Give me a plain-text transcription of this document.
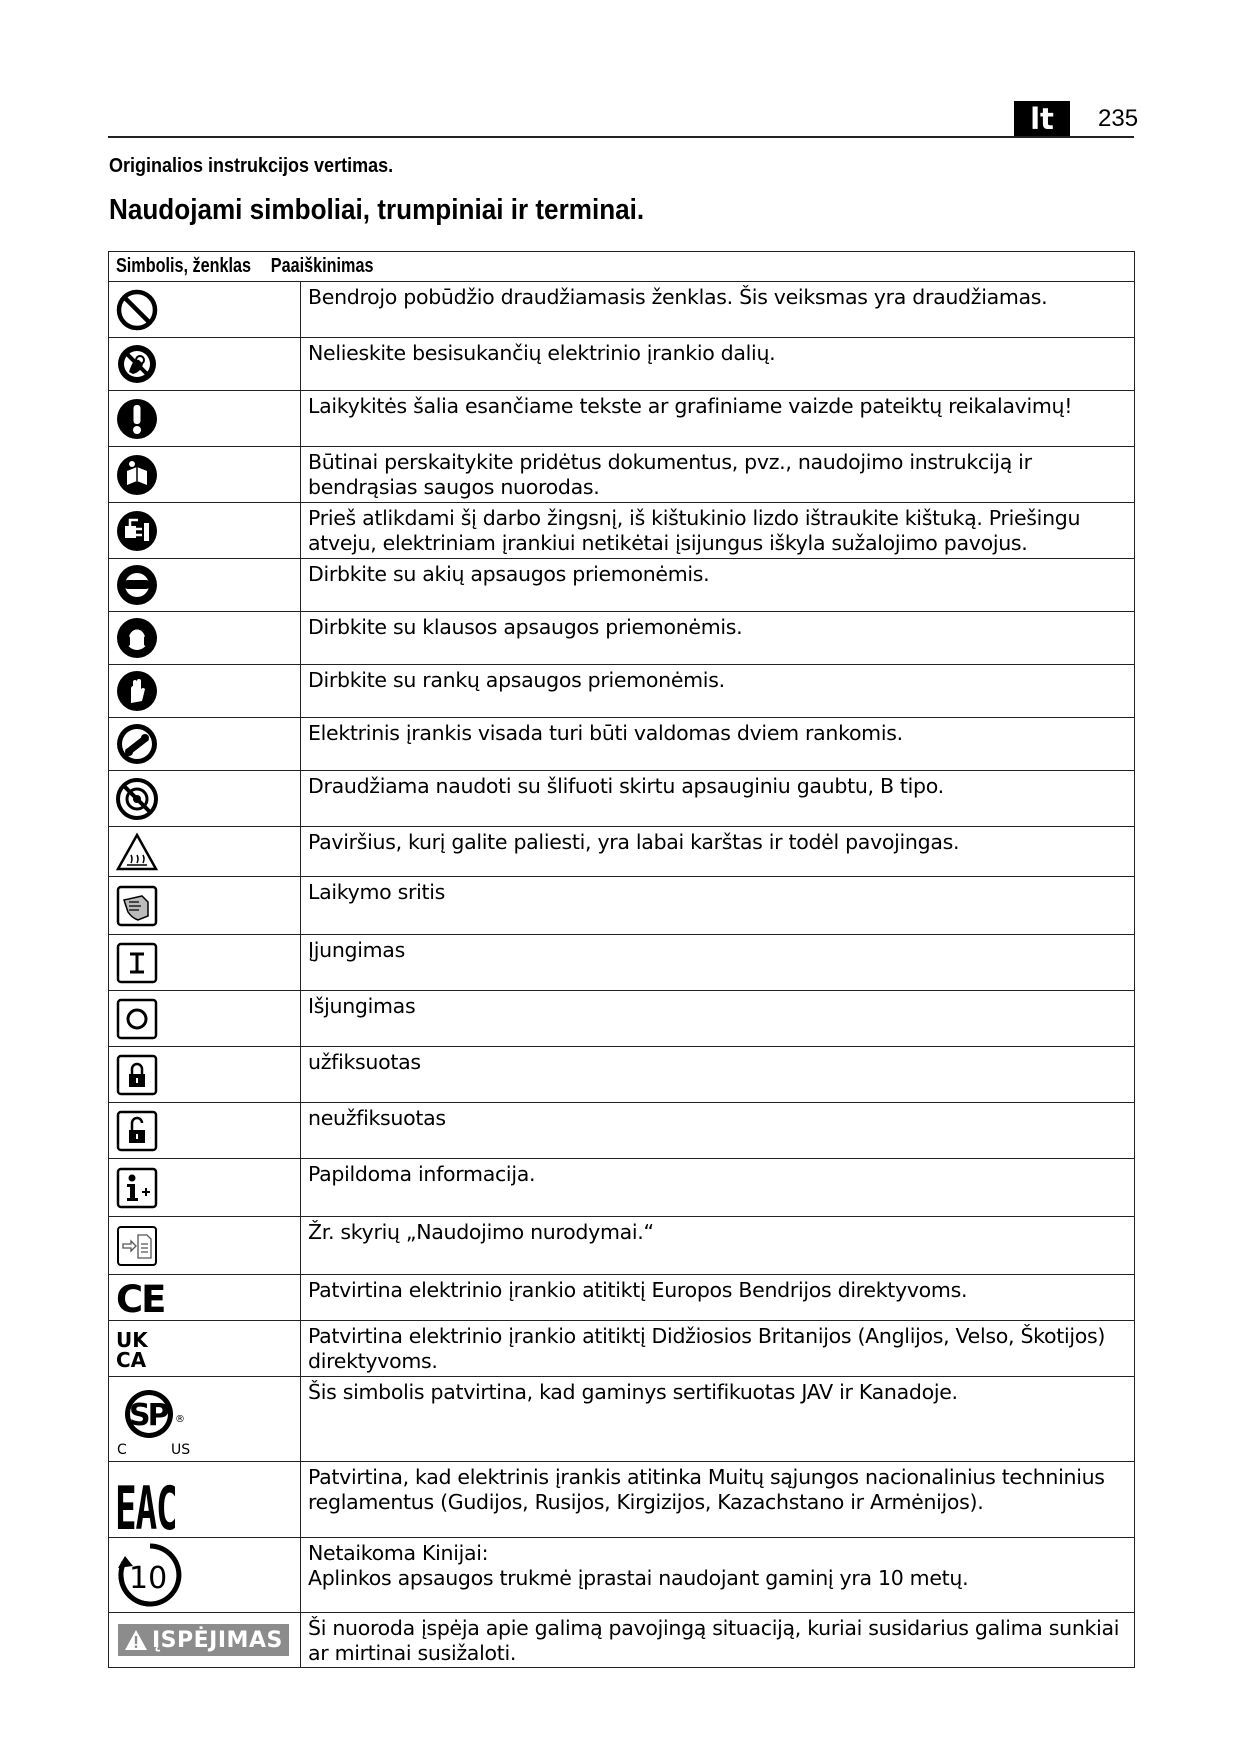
lt	235
Originalios instrukcijos vertimas.
Naudojami simboliai, trumpiniai ir terminai.
Simbolis, ženklas Paaiškinimas	

Bendrojo pobūdžio draudžiamasis ženklas. Šis veiksmas yra draudžiamas.

Nelieskite besisukančių elektrinio įrankio dalių.

Laikykitės šalia esančiame tekste ar grafiniame vaizde pateiktų reikalavimų!

Būtinai perskaitykite pridėtus dokumentus, pvz., naudojimo instrukciją ir bendrąsias saugos nuorodas.

Prieš atlikdami šį darbo žingsnį, iš kištukinio lizdo ištraukite kištuką. Priešingu atveju, elektriniam įrankiui netikėtai įsijungus iškyla sužalojimo pavojus.

Dirbkite su akių apsaugos priemonėmis.

Dirbkite su klausos apsaugos priemonėmis.

Dirbkite su rankų apsaugos priemonėmis.

Elektrinis įrankis visada turi būti valdomas dviem rankomis.

Draudžiama naudoti su šlifuoti skirtu apsauginiu gaubtu, B tipo.

Paviršius, kurį galite paliesti, yra labai karštas ir todėl pavojingas.

Laikymo sritis

Įjungimas

Išjungimas

užfiksuotas

neužfiksuotas

Papildoma informacija.

Žr. skyrių „Naudojimo nurodymai.“

CE	Patvirtina elektrinio įrankio atitiktį Europos Bendrijos direktyvoms.

UK
CA	Patvirtina elektrinio įrankio atitiktį Didžiosios Britanijos (Anglijos, Velso, Škotijos) direktyvoms.

SP ®
C US	Šis simbolis patvirtina, kad gaminys sertifikuotas JAV ir Kanadoje.

EAC	Patvirtina, kad elektrinis įrankis atitinka Muitų sąjungos nacionalinius techninius reglamentus (Gudijos, Rusijos, Kirgizijos, Kazachstano ir Armėnijos).

10	Netaikoma Kinijai:
Aplinkos apsaugos trukmė įprastai naudojant gaminį yra 10 metų.

ĮSPĖJIMAS	Ši nuoroda įspėja apie galimą pavojingą situaciją, kuriai susidarius galima sunkiai ar mirtinai susižaloti.
